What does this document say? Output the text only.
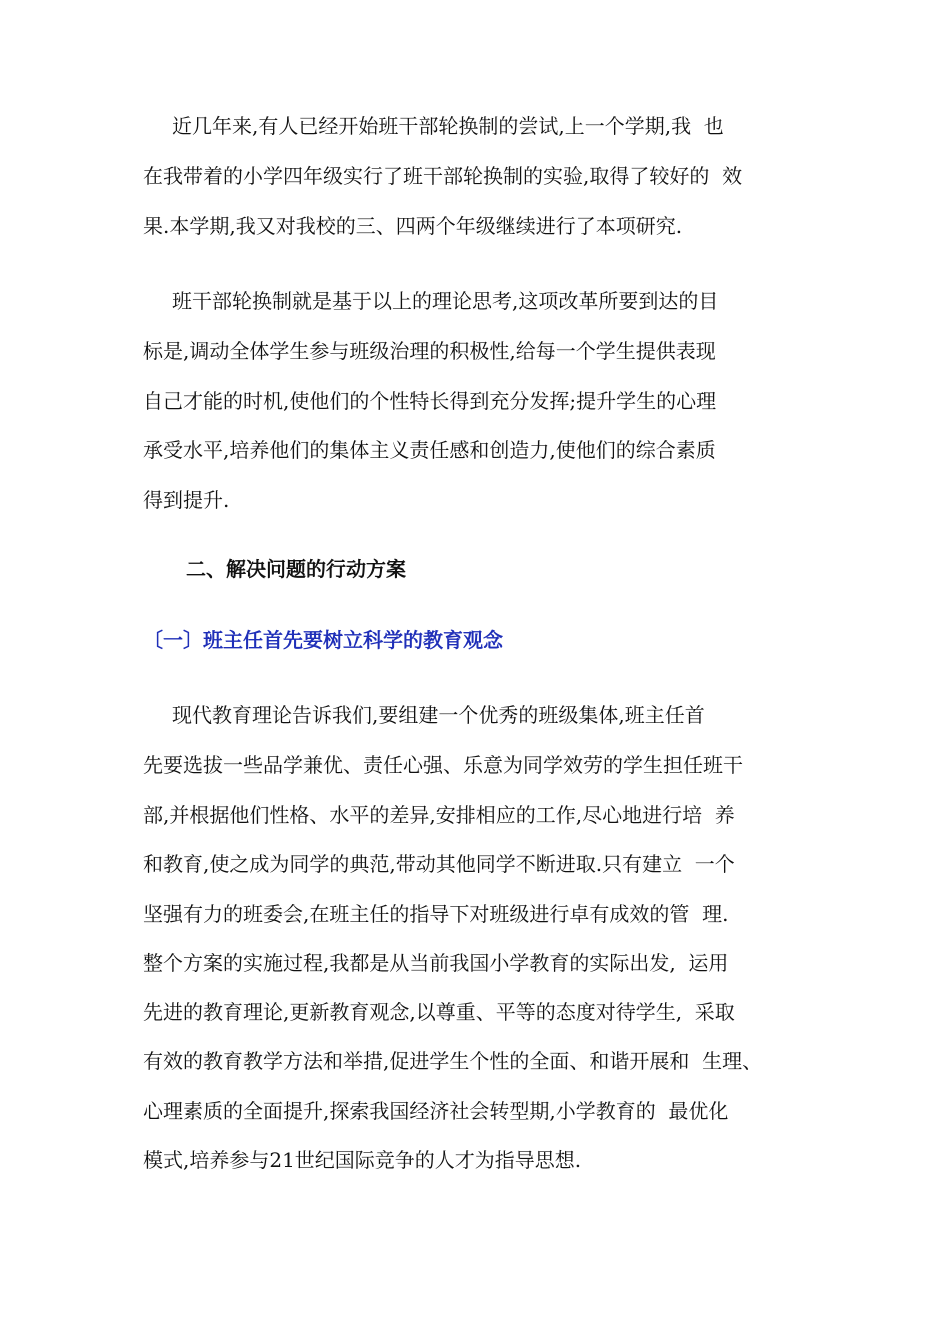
近几年来,有人已经开始班干部轮换制的尝试,上一个学期,我  也
在我带着的小学四年级实行了班干部轮换制的实验,取得了较好的  效
果.本学期,我又对我校的三、四两个年级继续进行了本项研究.
班干部轮换制就是基于以上的理论思考,这项改革所要到达的目
标是,调动全体学生参与班级治理的积极性,给每一个学生提供表现
自己才能的时机,使他们的个性特长得到充分发挥;提升学生的心理
承受水平,培养他们的集体主义责任感和创造力,使他们的综合素质
得到提升.
二、解决问题的行动方案
〔一〕班主任首先要树立科学的教育观念
现代教育理论告诉我们,要组建一个优秀的班级集体,班主任首
先要选拔一些品学兼优、责任心强、乐意为同学效劳的学生担任班干
部,并根据他们性格、水平的差异,安排相应的工作,尽心地进行培  养
和教育,使之成为同学的典范,带动其他同学不断进取.只有建立  一个
坚强有力的班委会,在班主任的指导下对班级进行卓有成效的管  理.
整个方案的实施过程,我都是从当前我国小学教育的实际出发,  运用
先进的教育理论,更新教育观念,以尊重、平等的态度对待学生,  采取
有效的教育教学方法和举措,促进学生个性的全面、和谐开展和  生理、
心理素质的全面提升,探索我国经济社会转型期,小学教育的  最优化
模式,培养参与21世纪国际竞争的人才为指导思想.
